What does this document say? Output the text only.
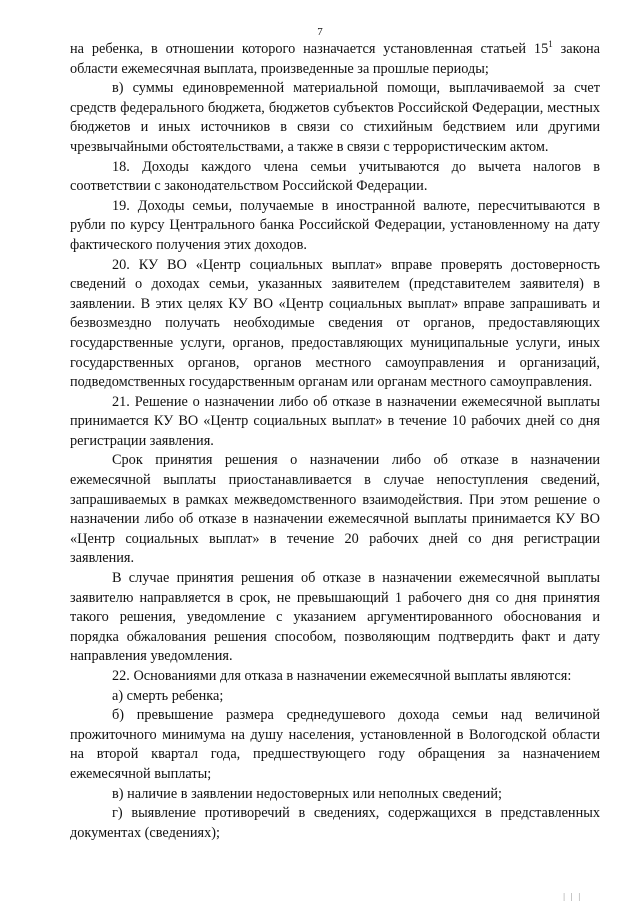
7

на ребенка, в отношении которого назначается установленная статьей $15^1$ закона области ежемесячная выплата, произведенные за прошлые периоды;

в) суммы единовременной материальной помощи, выплачиваемой за счет средств федерального бюджета, бюджетов субъектов Российской Федерации, местных бюджетов и иных источников в связи со стихийным бедствием или другими чрезвычайными обстоятельствами, а также в связи с террористическим актом.

18. Доходы каждого члена семьи учитываются до вычета налогов в соответствии с законодательством Российской Федерации.

19. Доходы семьи, получаемые в иностранной валюте, пересчитываются в рубли по курсу Центрального банка Российской Федерации, установленному на дату фактического получения этих доходов.

20. КУ ВО «Центр социальных выплат» вправе проверять достоверность сведений о доходах семьи, указанных заявителем (представителем заявителя) в заявлении. В этих целях КУ ВО «Центр социальных выплат» вправе запрашивать и безвозмездно получать необходимые сведения от органов, предоставляющих государственные услуги, органов, предоставляющих муниципальные услуги, иных государственных органов, органов местного самоуправления и организаций, подведомственных государственным органам или органам местного самоуправления.

21. Решение о назначении либо об отказе в назначении ежемесячной выплаты принимается КУ ВО «Центр социальных выплат» в течение 10 рабочих дней со дня регистрации заявления.

Срок принятия решения о назначении либо об отказе в назначении ежемесячной выплаты приостанавливается в случае непоступления сведений, запрашиваемых в рамках межведомственного взаимодействия. При этом решение о назначении либо об отказе в назначении ежемесячной выплаты принимается КУ ВО «Центр социальных выплат» в течение 20 рабочих дней со дня регистрации заявления.

В случае принятия решения об отказе в назначении ежемесячной выплаты заявителю направляется в срок, не превышающий 1 рабочего дня со дня принятия такого решения, уведомление с указанием аргументированного обоснования и порядка обжалования решения способом, позволяющим подтвердить факт и дату направления уведомления.

22. Основаниями для отказа в назначении ежемесячной выплаты являются:

а) смерть ребенка;

б) превышение размера среднедушевого дохода семьи над величиной прожиточного минимума на душу населения, установленной в Вологодской области на второй квартал года, предшествующего году обращения за назначением ежемесячной выплаты;

в) наличие в заявлении недостоверных или неполных сведений;

г) выявление противоречий в сведениях, содержащихся в представленных документах (сведениях);

| | |
